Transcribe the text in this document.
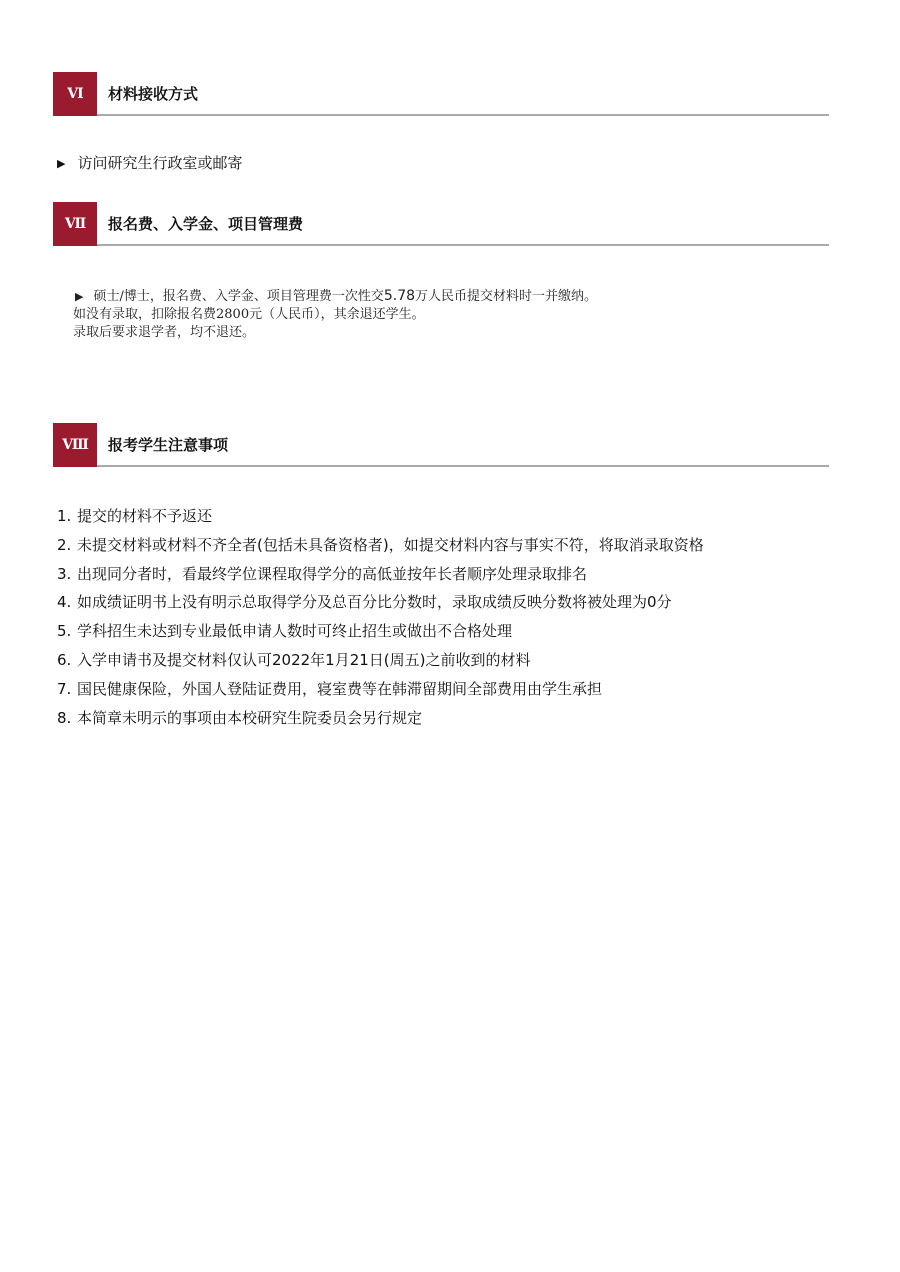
VI	材料接收方式
▶ 访问研究生行政室或邮寄
Ⅶ	报名费、入学金、项目管理费
▶ 硕士/博士，报名费、入学金、项目管理费一次性交5.78万人民币提交材料时一并缴纳。
如没有录取，扣除报名费2800元（人民币），其余退还学生。
录取后要求退学者，均不退还。
Ⅷ	报考学生注意事项
1. 提交的材料不予返还
2. 未提交材料或材料不齐全者(包括未具备资格者)，如提交材料内容与事实不符，将取消录取资格
3. 出现同分者时，看最终学位课程取得学分的高低並按年长者顺序处理录取排名
4. 如成绩证明书上没有明示总取得学分及总百分比分数时，录取成绩反映分数将被处理为0分
5. 学科招生未达到专业最低申请人数时可终止招生或做出不合格处理
6. 入学申请书及提交材料仅认可2022年1月21日(周五)之前收到的材料
7. 国民健康保险，外国人登陆证费用，寝室费等在韩滞留期间全部费用由学生承担
8. 本简章未明示的事项由本校研究生院委员会另行规定
